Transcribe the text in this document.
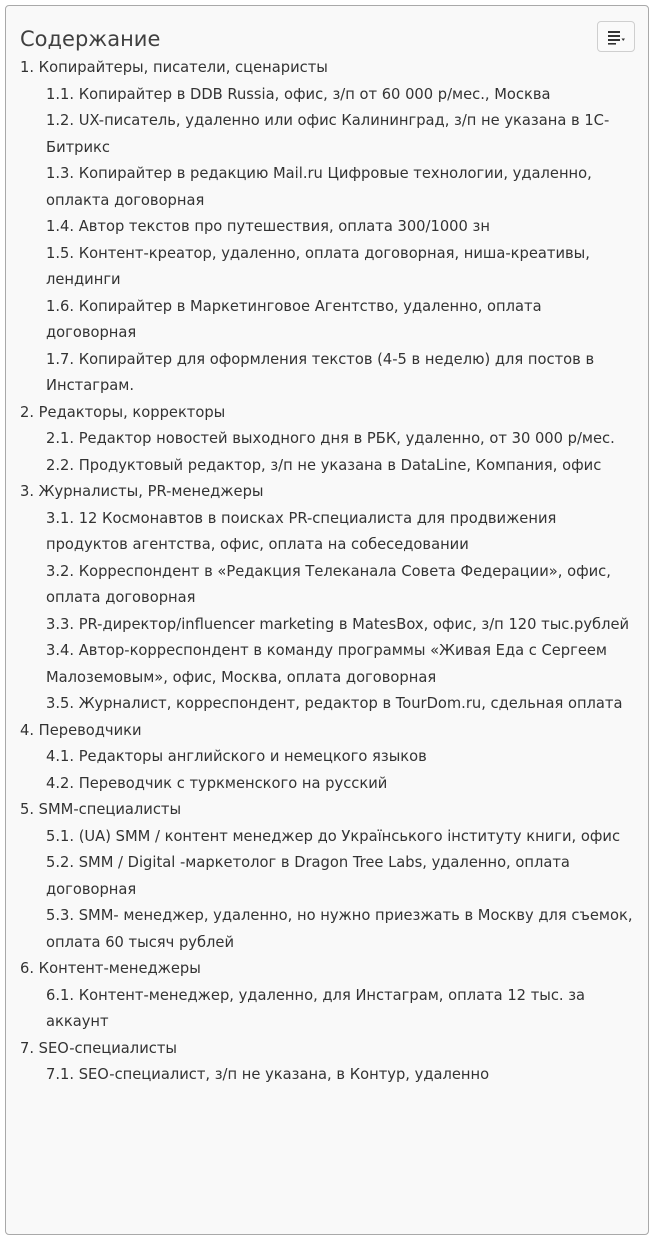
Содержание
1. Копирайтеры, писатели, сценаристы
1.1. Копирайтер в DDB Russia, офис, з/п от 60 000 р/мес., Москва
1.2. UX-писатель, удаленно или офис Калининград, з/п не указана в 1С-Битрикс
1.3. Копирайтер в редакцию Mail.ru Цифровые технологии, удаленно, оплакта договорная
1.4. Автор текстов про путешествия, оплата 300/1000 зн
1.5. Контент-креатор, удаленно, оплата договорная, ниша-креативы, лендинги
1.6. Копирайтер в Маркетинговое Агентство, удаленно, оплата договорная
1.7. Копирайтер для оформления текстов (4-5 в неделю) для постов в Инстаграм.
2. Редакторы, корректоры
2.1. Редактор новостей выходного дня в РБК, удаленно, от 30 000 р/мес.
2.2. Продуктовый редактор, з/п не указана в DataLine, Компания, офис
3. Журналисты, PR-менеджеры
3.1. 12 Космонавтов в поисках PR-специалиста для продвижения продуктов агентства, офис, оплата на собеседовании
3.2. Корреспондент в «Редакция Телеканала Совета Федерации», офис, оплата договорная
3.3. PR-директор/influencer marketing в MatesBox, офис, з/п 120 тыс.рублей
3.4. Автор-корреспондент в команду программы «Живая Еда с Сергеем Малоземовым», офис, Москва, оплата договорная
3.5. Журналист, корреспондент, редактор в TourDom.ru, сдельная оплата
4. Переводчики
4.1. Редакторы английского и немецкого языков
4.2. Переводчик с туркменского на русский
5. SMM-специалисты
5.1. (UA) SMM / контент менеджер до Українського інституту книги, офис
5.2. SMM / Digital -маркетолог в Dragon Tree Labs, удаленно, оплата договорная
5.3. SMM- менеджер, удаленно, но нужно приезжать в Москву для съемок, оплата 60 тысяч рублей
6. Контент-менеджеры
6.1. Контент-менеджер, удаленно, для Инстаграм, оплата 12 тыс. за аккаунт
7. SEO-специалисты
7.1. SEO-специалист, з/п не указана, в Контур, удаленно
